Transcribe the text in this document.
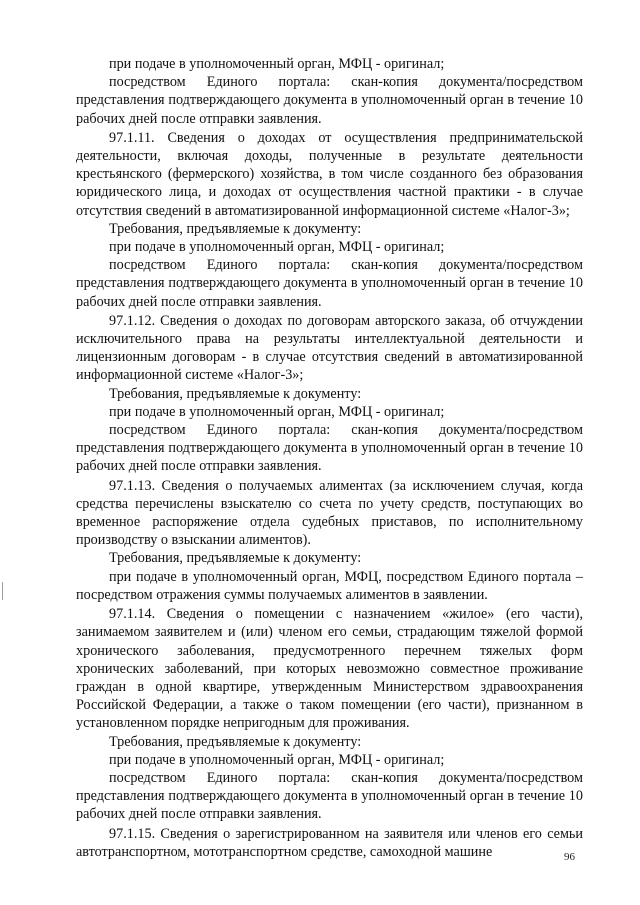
при подаче в уполномоченный орган, МФЦ - оригинал;

посредством Единого портала: скан-копия документа/посредством представления подтверждающего документа в уполномоченный орган в течение 10 рабочих дней после отправки заявления.

97.1.11. Сведения о доходах от осуществления предпринимательской деятельности, включая доходы, полученные в результате деятельности крестьянского (фермерского) хозяйства, в том числе созданного без образования юридического лица, и доходах от осуществления частной практики - в случае отсутствия сведений в автоматизированной информационной системе «Налог-3»;

Требования, предъявляемые к документу:

при подаче в уполномоченный орган, МФЦ - оригинал;

посредством Единого портала: скан-копия документа/посредством представления подтверждающего документа в уполномоченный орган в течение 10 рабочих дней после отправки заявления.

97.1.12. Сведения о доходах по договорам авторского заказа, об отчуждении исключительного права на результаты интеллектуальной деятельности и лицензионным договорам - в случае отсутствия сведений в автоматизированной информационной системе «Налог-3»;

Требования, предъявляемые к документу:

при подаче в уполномоченный орган, МФЦ - оригинал;

посредством Единого портала: скан-копия документа/посредством представления подтверждающего документа в уполномоченный орган в течение 10 рабочих дней после отправки заявления.

97.1.13. Сведения о получаемых алиментах (за исключением случая, когда средства перечислены взыскателю со счета по учету средств, поступающих во временное распоряжение отдела судебных приставов, по исполнительному производству о взыскании алиментов).

Требования, предъявляемые к документу:

при подаче в уполномоченный орган, МФЦ, посредством Единого портала – посредством отражения суммы получаемых алиментов в заявлении.

97.1.14. Сведения о помещении с назначением «жилое» (его части), занимаемом заявителем и (или) членом его семьи, страдающим тяжелой формой хронического заболевания, предусмотренного перечнем тяжелых форм хронических заболеваний, при которых невозможно совместное проживание граждан в одной квартире, утвержденным Министерством здравоохранения Российской Федерации, а также о таком помещении (его части), признанном в установленном порядке непригодным для проживания.

Требования, предъявляемые к документу:

при подаче в уполномоченный орган, МФЦ - оригинал;

посредством Единого портала: скан-копия документа/посредством представления подтверждающего документа в уполномоченный орган в течение 10 рабочих дней после отправки заявления.

97.1.15. Сведения о зарегистрированном на заявителя или членов его семьи автотранспортном, мототранспортном средстве, самоходной машине	96
